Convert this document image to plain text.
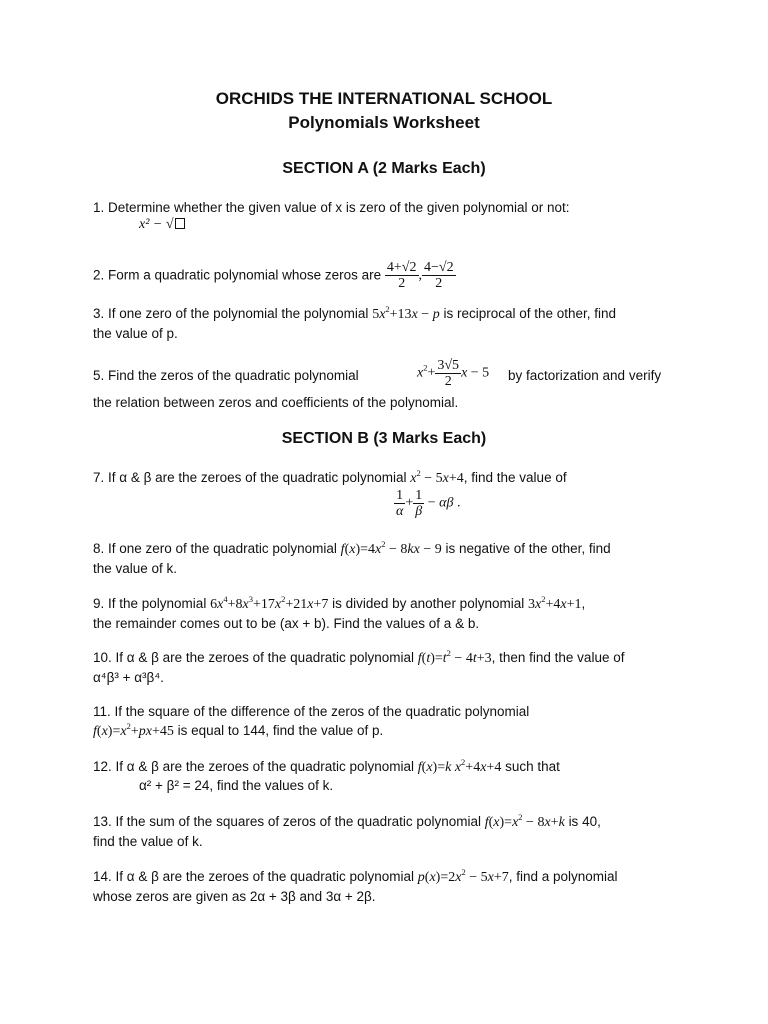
ORCHIDS THE INTERNATIONAL SCHOOL
Polynomials Worksheet
SECTION A (2 Marks Each)
1. Determine whether the given value of x is zero of the given polynomial or not:
x² − √
2. Form a quadratic polynomial whose zeros are $\frac{4+√2}{2}$ , $\frac{4-√2}{2}$
3. If one zero of the polynomial the polynomial $5x^2+13x - p$ is reciprocal of the other, find
the value of p.
5. Find the zeros of the quadratic polynomial	$x^2+ \frac{3√5}{2}$ x − 5 by factorization and verify
the relation between zeros and coefficients of the polynomial.
SECTION B (3 Marks Each)
7. If α & β are the zeroes of the quadratic polynomial $x^2 - 5x+4$, find the value of
$\frac{1}{\alpha} + \frac{1}{\beta} - \alpha\beta$ .
8. If one zero of the quadratic polynomial $f(x)=4x^2 - 8kx - 9$ is negative of the other, find
the value of k.
9. If the polynomial $6x^4+8x^3+17x^2+21x+7$ is divided by another polynomial $3x^2+4x+1$,
the remainder comes out to be (ax + b). Find the values of a & b.
10. If α & β are the zeroes of the quadratic polynomial $f(t)=t^2 - 4t+3$, then find the value of
α⁴β³ + α³β⁴.
11. If the square of the difference of the zeros of the quadratic polynomial
$f(x)=x^2+px+45$ is equal to 144, find the value of p.
12. If α & β are the zeroes of the quadratic polynomial f(x)=k $x^2+4x+4$ such that
α² + β² = 24, find the values of k.
13. If the sum of the squares of zeros of the quadratic polynomial $f(x)=x^2 - 8x+k$ is 40,
find the value of k.
14. If α & β are the zeroes of the quadratic polynomial $p(x)=2x^2 - 5x+7$, find a polynomial
whose zeros are given as 2α + 3β and 3α + 2β.
